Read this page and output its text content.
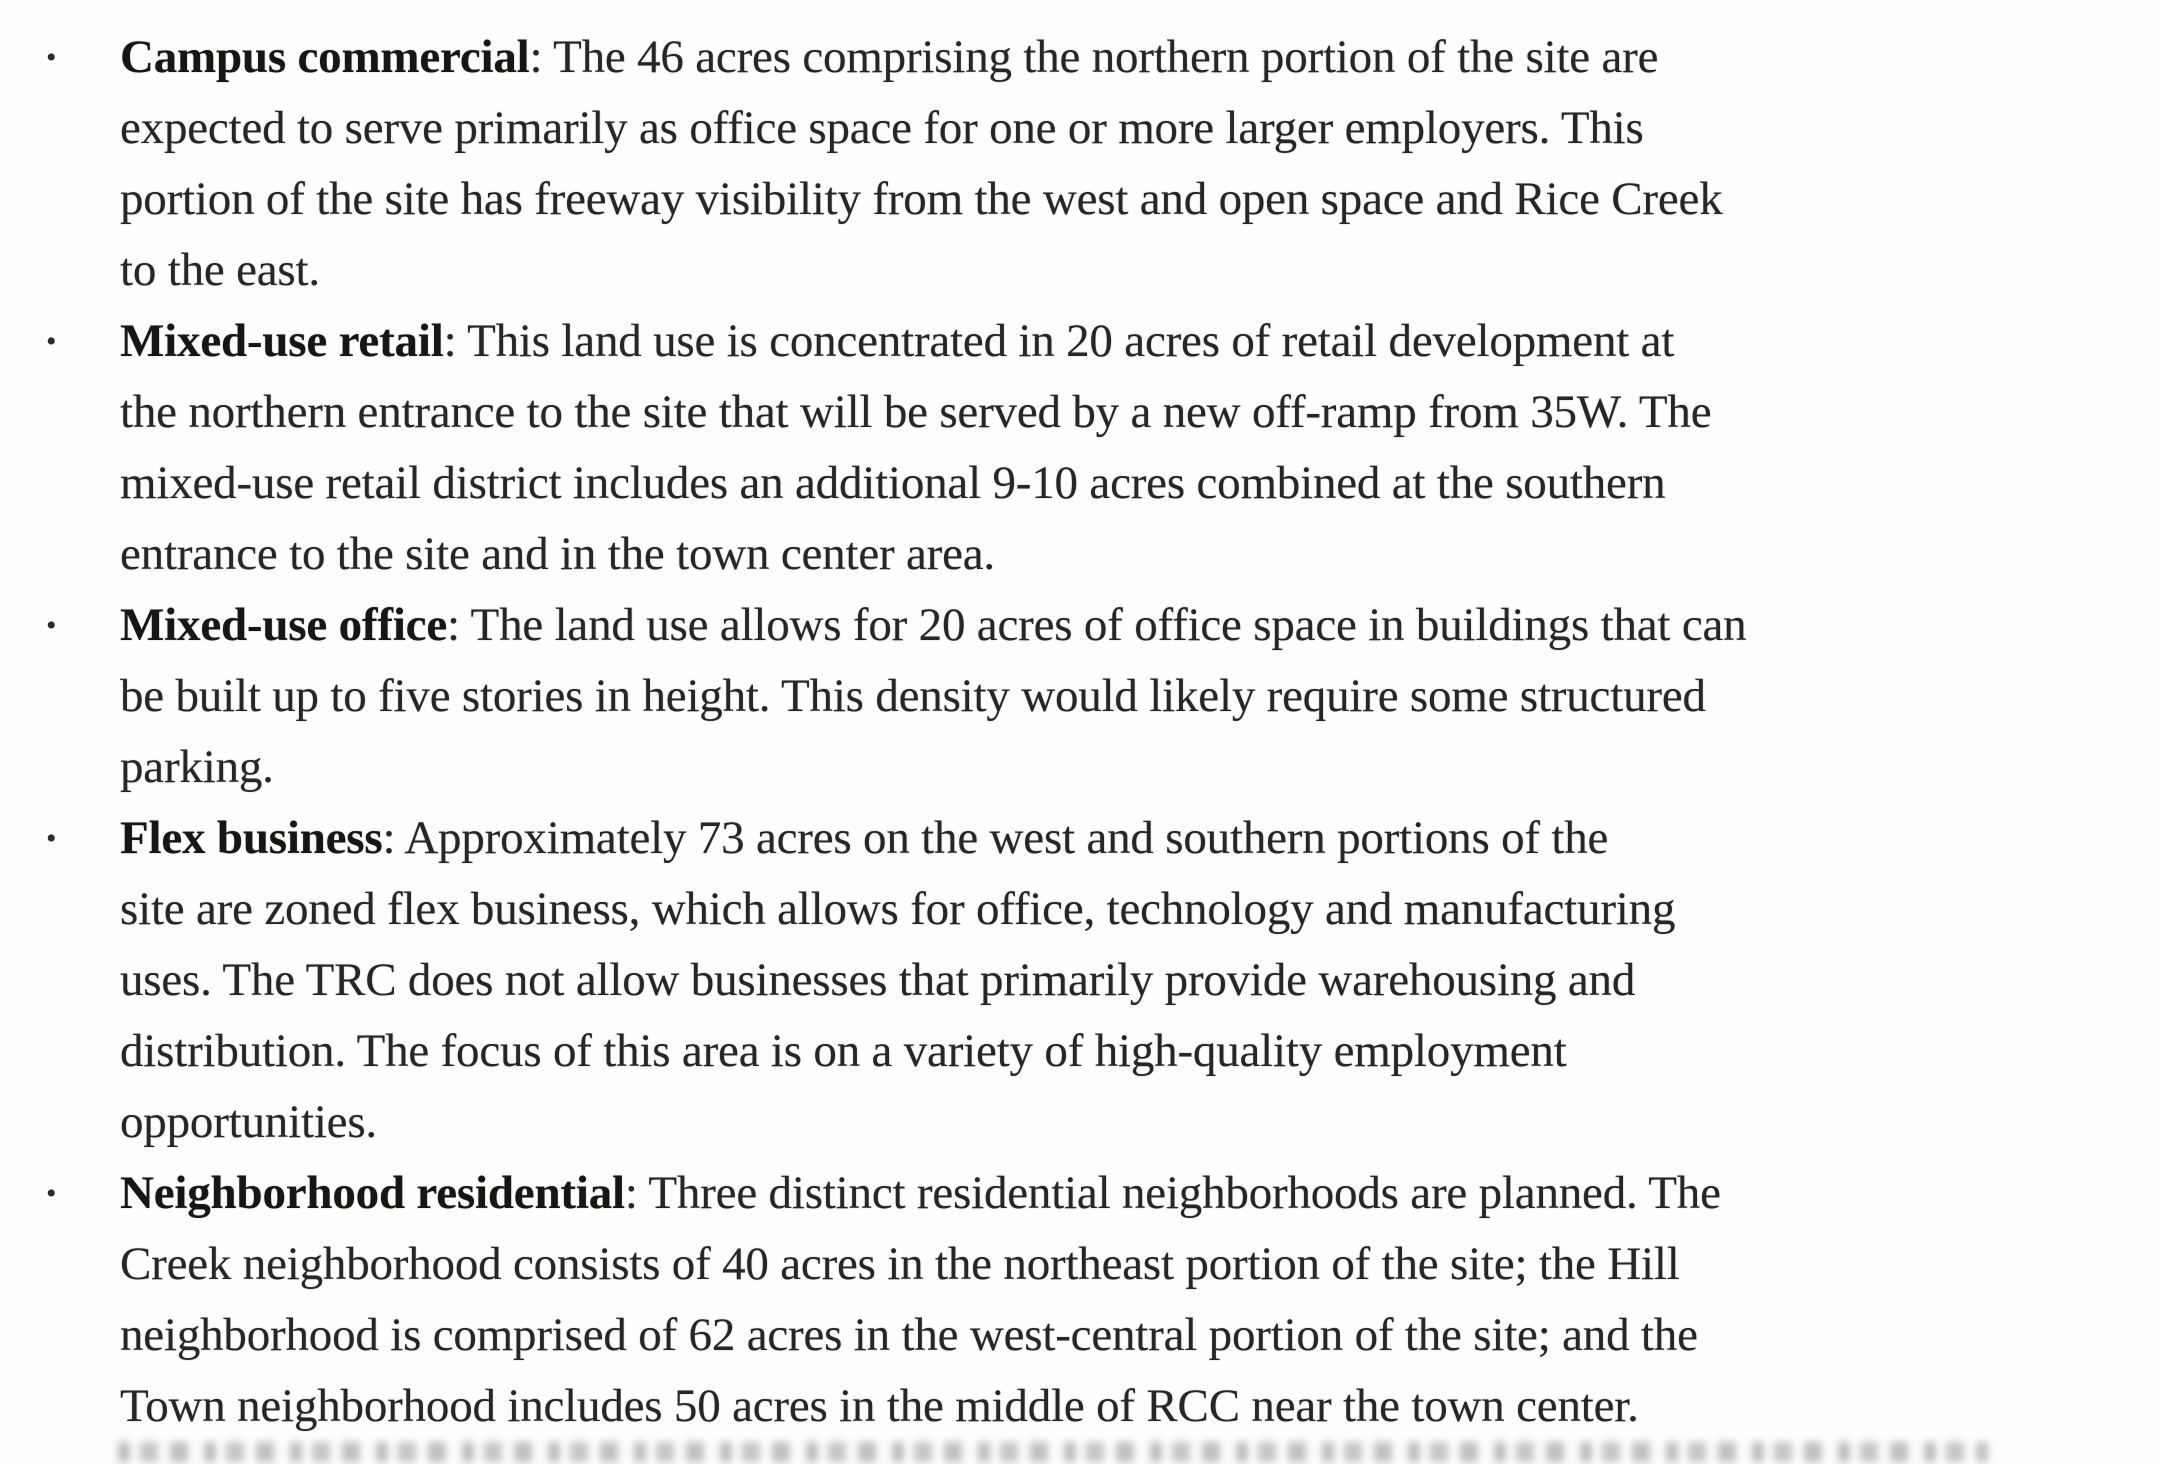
• Campus commercial: The 46 acres comprising the northern portion of the site are
expected to serve primarily as office space for one or more larger employers. This
portion of the site has freeway visibility from the west and open space and Rice Creek
to the east.
• Mixed-use retail: This land use is concentrated in 20 acres of retail development at
the northern entrance to the site that will be served by a new off-ramp from 35W. The
mixed-use retail district includes an additional 9-10 acres combined at the southern
entrance to the site and in the town center area.
• Mixed-use office: The land use allows for 20 acres of office space in buildings that can
be built up to five stories in height. This density would likely require some structured
parking.
• Flex business: Approximately 73 acres on the west and southern portions of the
site are zoned flex business, which allows for office, technology and manufacturing
uses. The TRC does not allow businesses that primarily provide warehousing and
distribution. The focus of this area is on a variety of high-quality employment
opportunities.
• Neighborhood residential: Three distinct residential neighborhoods are planned. The
Creek neighborhood consists of 40 acres in the northeast portion of the site; the Hill
neighborhood is comprised of 62 acres in the west-central portion of the site; and the
Town neighborhood includes 50 acres in the middle of RCC near the town center.
